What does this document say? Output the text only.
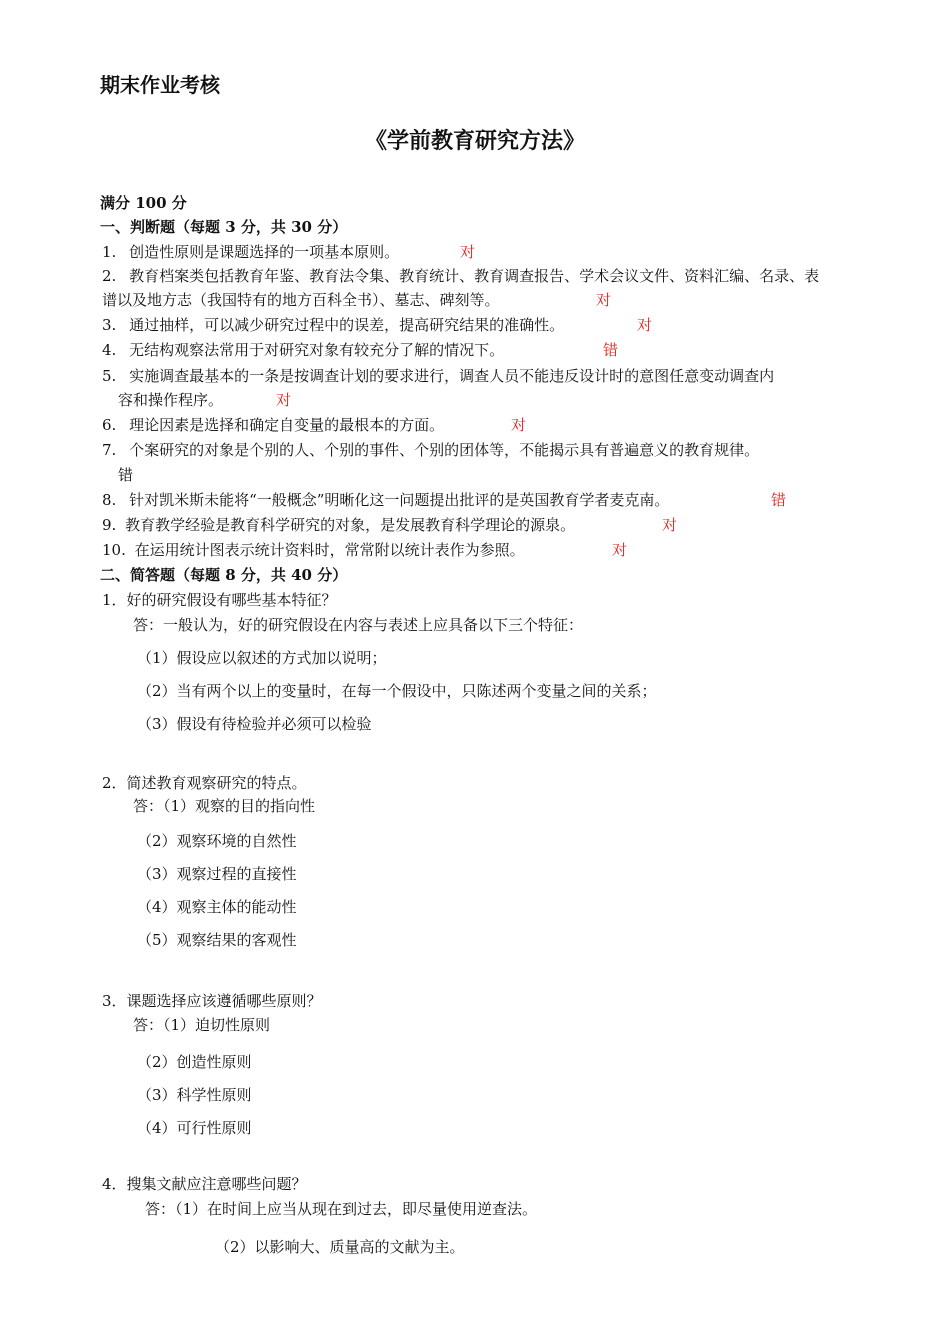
期末作业考核
《学前教育研究方法》
满分 100 分
一、判断题（每题 3 分，共 30 分）
1. 创造性原则是课题选择的一项基本原则。	对
2. 教育档案类包括教育年鉴、教育法令集、教育统计、教育调查报告、学术会议文件、资料汇编、名录、表
谱以及地方志（我国特有的地方百科全书）、墓志、碑刻等。	对
3. 通过抽样，可以减少研究过程中的误差，提高研究结果的准确性。	对
4. 无结构观察法常用于对研究对象有较充分了解的情况下。	错
5. 实施调查最基本的一条是按调查计划的要求进行，调查人员不能违反设计时的意图任意变动调查内
容和操作程序。	对
6. 理论因素是选择和确定自变量的最根本的方面。	对
7. 个案研究的对象是个别的人、个别的事件、个别的团体等，不能揭示具有普遍意义的教育规律。
错
8. 针对凯米斯未能将“一般概念”明晰化这一问题提出批评的是英国教育学者麦克南。	错
9. 教育教学经验是教育科学研究的对象，是发展教育科学理论的源泉。	对
10. 在运用统计图表示统计资料时，常常附以统计表作为参照。	对
二、简答题（每题 8 分，共 40 分）
1．好的研究假设有哪些基本特征？
答：一般认为，好的研究假设在内容与表述上应具备以下三个特征：
（1）假设应以叙述的方式加以说明；
（2）当有两个以上的变量时，在每一个假设中，只陈述两个变量之间的关系；
（3）假设有待检验并必须可以检验
2．简述教育观察研究的特点。
答：（1）观察的目的指向性
（2）观察环境的自然性
（3）观察过程的直接性
（4）观察主体的能动性
（5）观察结果的客观性
3．课题选择应该遵循哪些原则？
答：（1）迫切性原则
（2）创造性原则
（3）科学性原则
（4）可行性原则
4．搜集文献应注意哪些问题？
答：（1）在时间上应当从现在到过去，即尽量使用逆查法。
（2）以影响大、质量高的文献为主。
